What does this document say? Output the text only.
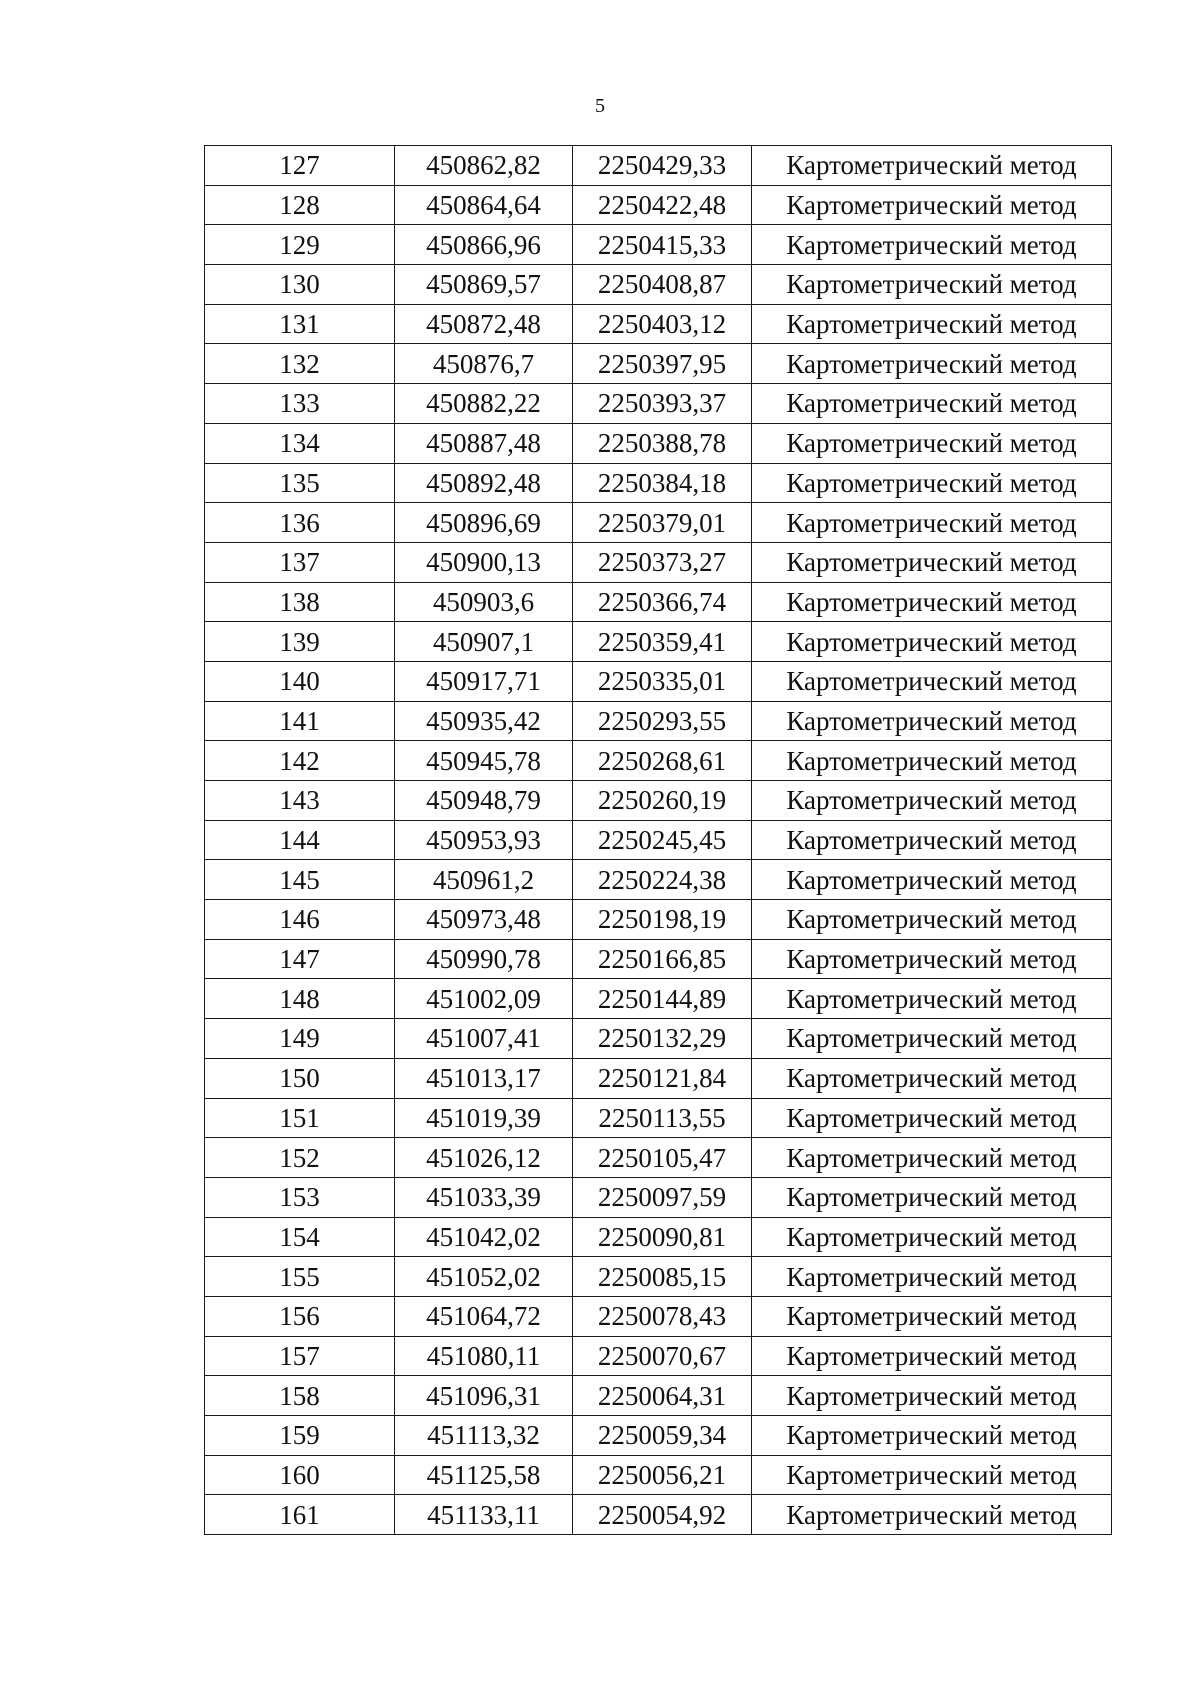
5
127	450862,82	2250429,33	Картометрический метод
128	450864,64	2250422,48	Картометрический метод
129	450866,96	2250415,33	Картометрический метод
130	450869,57	2250408,87	Картометрический метод
131	450872,48	2250403,12	Картометрический метод
132	450876,7	2250397,95	Картометрический метод
133	450882,22	2250393,37	Картометрический метод
134	450887,48	2250388,78	Картометрический метод
135	450892,48	2250384,18	Картометрический метод
136	450896,69	2250379,01	Картометрический метод
137	450900,13	2250373,27	Картометрический метод
138	450903,6	2250366,74	Картометрический метод
139	450907,1	2250359,41	Картометрический метод
140	450917,71	2250335,01	Картометрический метод
141	450935,42	2250293,55	Картометрический метод
142	450945,78	2250268,61	Картометрический метод
143	450948,79	2250260,19	Картометрический метод
144	450953,93	2250245,45	Картометрический метод
145	450961,2	2250224,38	Картометрический метод
146	450973,48	2250198,19	Картометрический метод
147	450990,78	2250166,85	Картометрический метод
148	451002,09	2250144,89	Картометрический метод
149	451007,41	2250132,29	Картометрический метод
150	451013,17	2250121,84	Картометрический метод
151	451019,39	2250113,55	Картометрический метод
152	451026,12	2250105,47	Картометрический метод
153	451033,39	2250097,59	Картометрический метод
154	451042,02	2250090,81	Картометрический метод
155	451052,02	2250085,15	Картометрический метод
156	451064,72	2250078,43	Картометрический метод
157	451080,11	2250070,67	Картометрический метод
158	451096,31	2250064,31	Картометрический метод
159	451113,32	2250059,34	Картометрический метод
160	451125,58	2250056,21	Картометрический метод
161	451133,11	2250054,92	Картометрический метод
